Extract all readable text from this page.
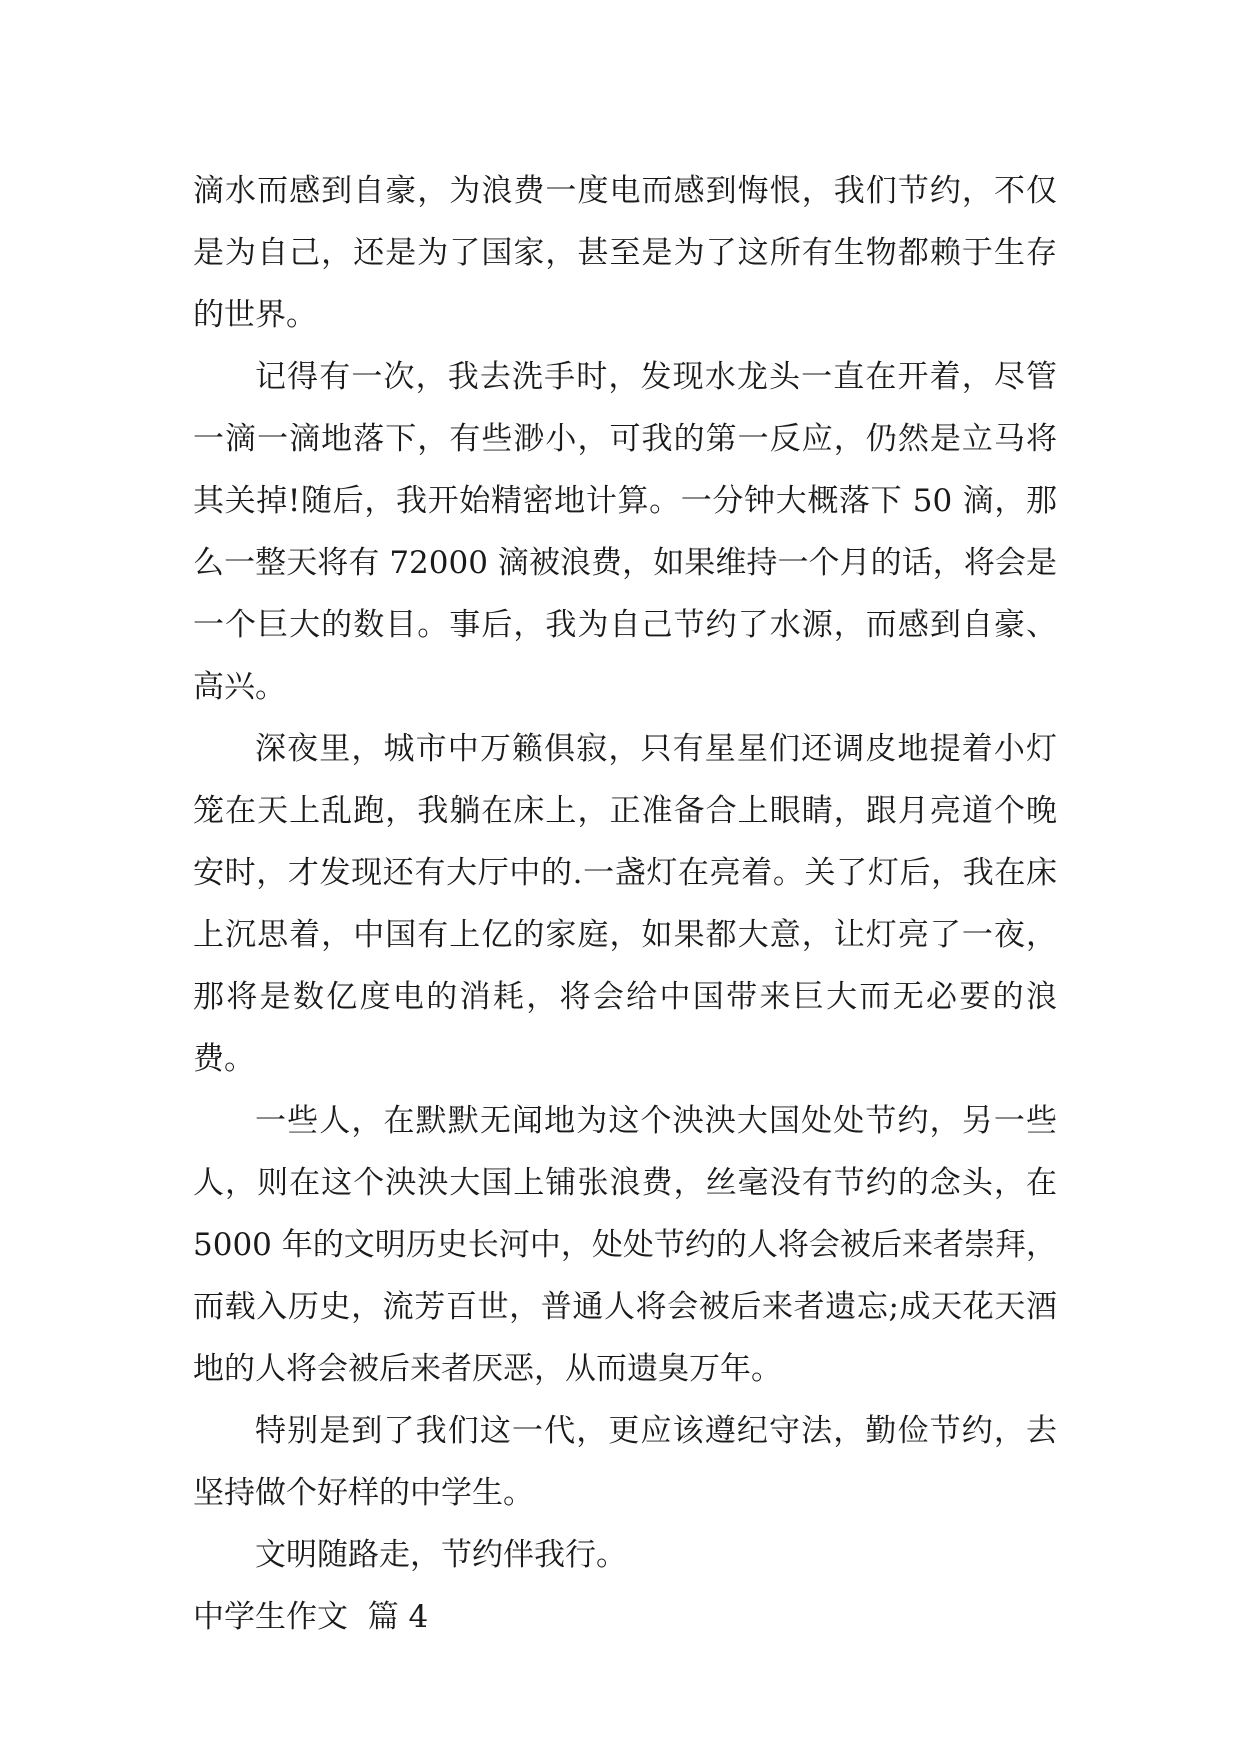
滴水而感到自豪，为浪费一度电而感到悔恨，我们节约，不仅是为自己，还是为了国家，甚至是为了这所有生物都赖于生存的世界。

记得有一次，我去洗手时，发现水龙头一直在开着，尽管一滴一滴地落下，有些渺小，可我的第一反应，仍然是立马将其关掉!随后，我开始精密地计算。一分钟大概落下 50 滴，那么一整天将有 72000 滴被浪费，如果维持一个月的话，将会是一个巨大的数目。事后，我为自己节约了水源，而感到自豪、高兴。

深夜里，城市中万籁俱寂，只有星星们还调皮地提着小灯笼在天上乱跑，我躺在床上，正准备合上眼睛，跟月亮道个晚安时，才发现还有大厅中的.一盏灯在亮着。关了灯后，我在床上沉思着，中国有上亿的家庭，如果都大意，让灯亮了一夜，那将是数亿度电的消耗，将会给中国带来巨大而无必要的浪费。

一些人，在默默无闻地为这个泱泱大国处处节约，另一些人，则在这个泱泱大国上铺张浪费，丝毫没有节约的念头，在 5000 年的文明历史长河中，处处节约的人将会被后来者崇拜，而载入历史，流芳百世，普通人将会被后来者遗忘;成天花天酒地的人将会被后来者厌恶，从而遗臭万年。

特别是到了我们这一代，更应该遵纪守法，勤俭节约，去坚持做个好样的中学生。

文明随路走，节约伴我行。

中学生作文  篇 4
